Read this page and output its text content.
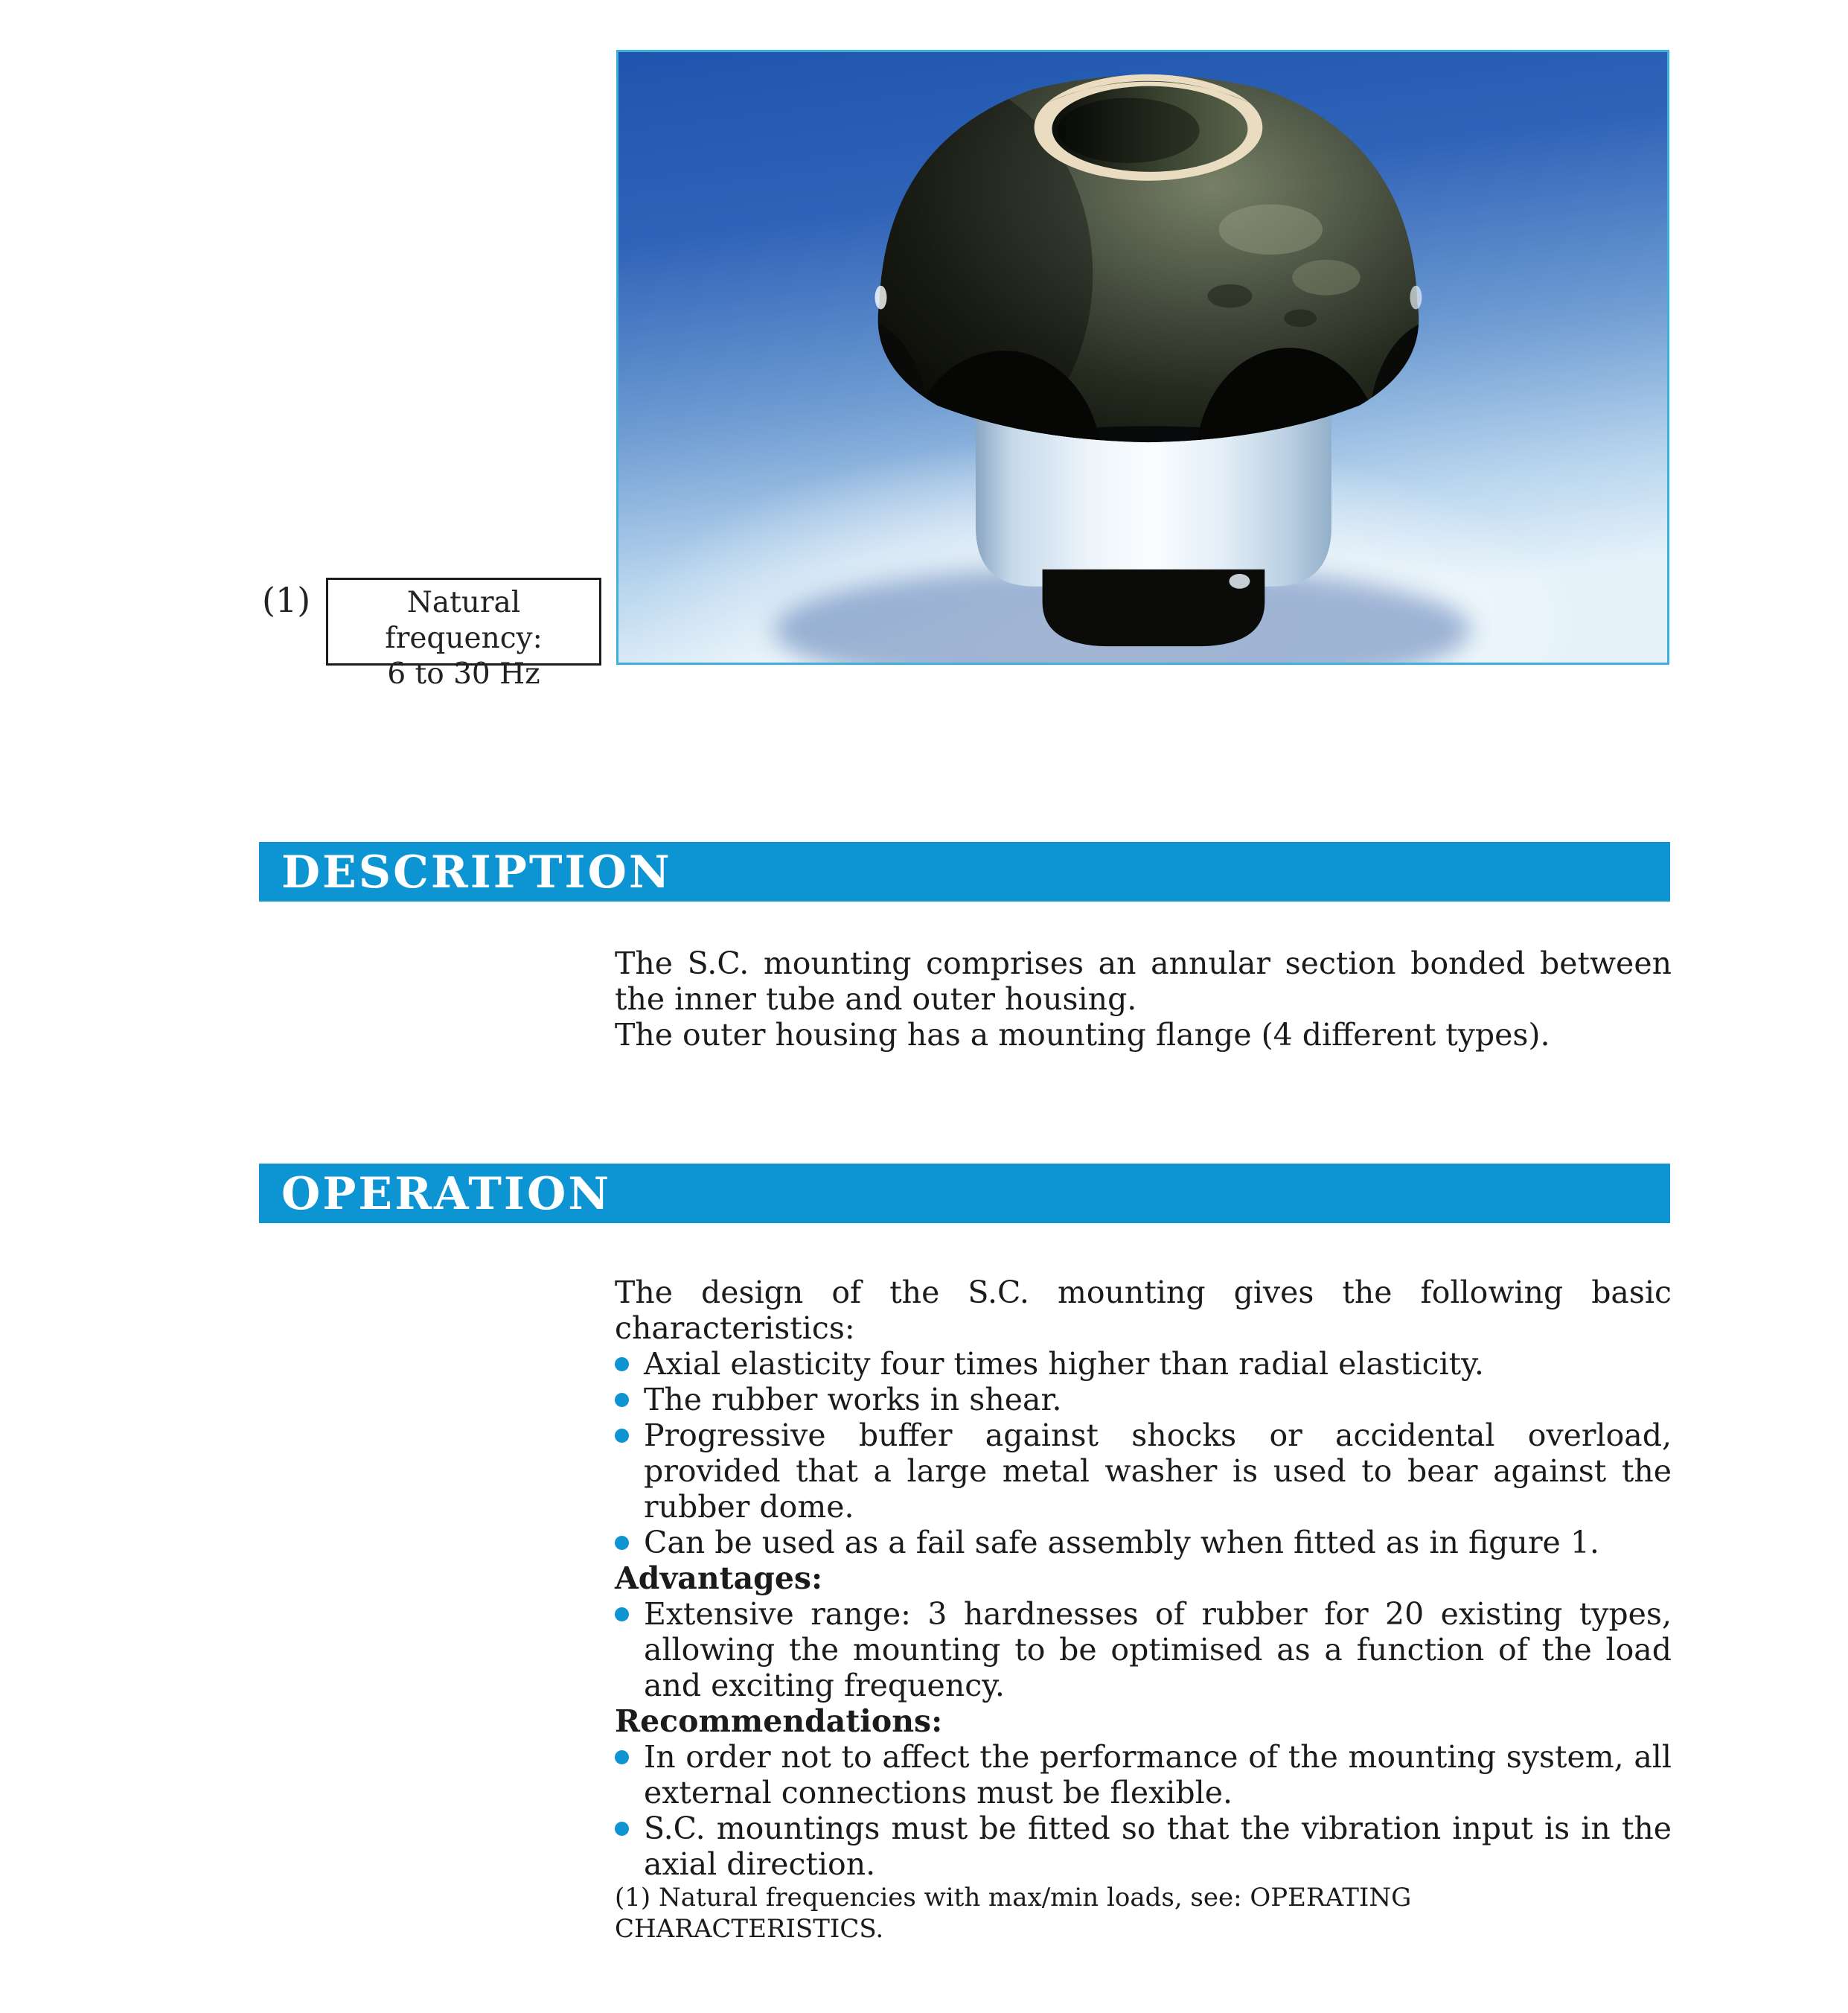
(1)	Natural frequency:
6 to 30 Hz
DESCRIPTION

The S.C. mounting comprises an annular section bonded between the inner tube and outer housing.

The outer housing has a mounting flange (4 different types).

OPERATION

The design of the S.C. mounting gives the following basic characteristics:

Axial elasticity four times higher than radial elasticity.
The rubber works in shear.
Progressive buffer against shocks or accidental overload, provided that a large metal washer is used to bear against the rubber dome.
Can be used as a fail safe assembly when fitted as in figure 1.

Advantages:

Extensive range: 3 hardnesses of rubber for 20 existing types, allowing the mounting to be optimised as a function of the load and exciting frequency.

Recommendations:

In order not to affect the performance of the mounting system, all external connections must be flexible.
S.C. mountings must be fitted so that the vibration input is in the axial direction.

(1) Natural frequencies with max/min loads, see: OPERATING CHARACTERISTICS.
